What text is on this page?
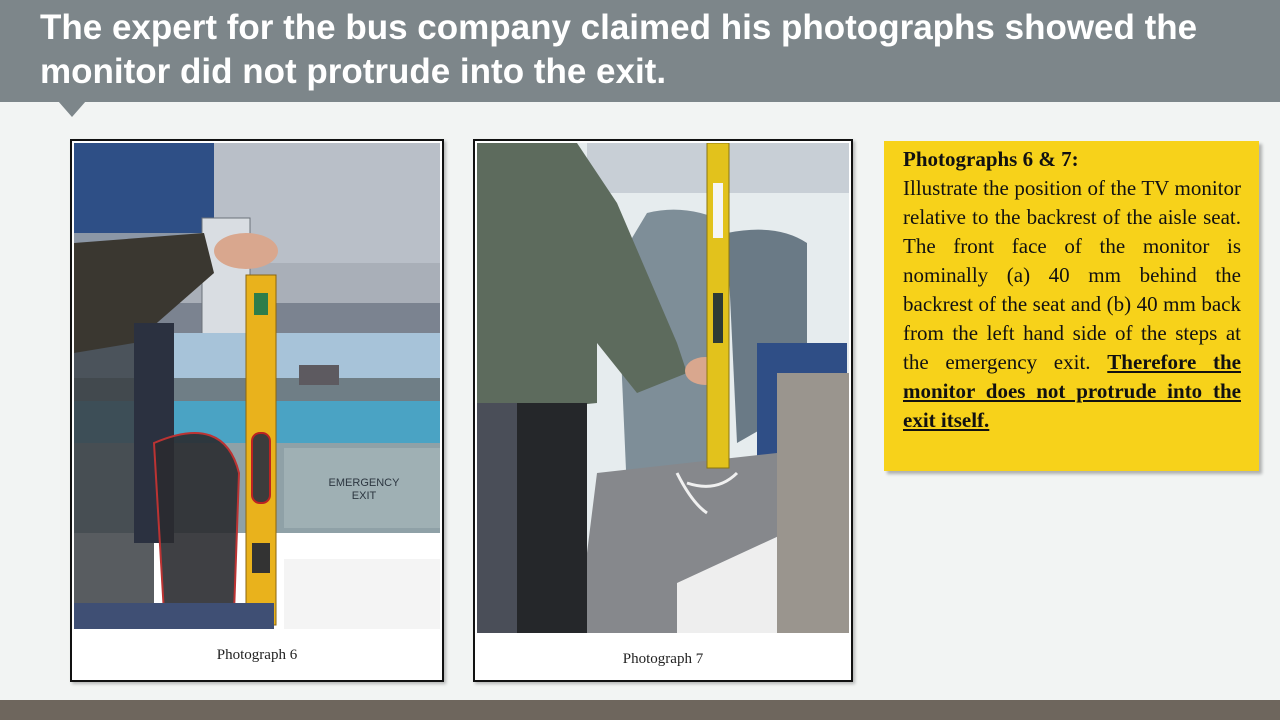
The expert for the bus company claimed his photographs showed the monitor did not protrude into the exit.
EMERGENCY
EXIT
Photograph 6	Photograph 7

Photographs 6 & 7:

Illustrate the position of the TV monitor relative to the backrest of the aisle seat. The front face of the monitor is nominally (a) 40 mm behind the backrest of the seat and (b) 40 mm back from the left hand side of the steps at the emergency exit. Therefore the monitor does not protrude into the exit itself.
